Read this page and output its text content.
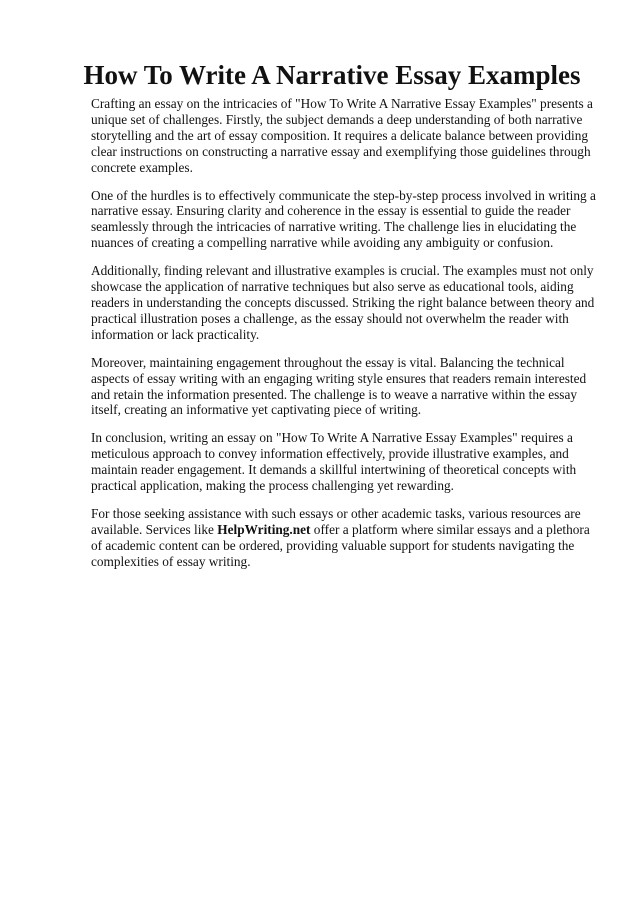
How To Write A Narrative Essay Examples

Crafting an essay on the intricacies of "How To Write A Narrative Essay Examples" presents a unique set of challenges. Firstly, the subject demands a deep understanding of both narrative storytelling and the art of essay composition. It requires a delicate balance between providing clear instructions on constructing a narrative essay and exemplifying those guidelines through concrete examples.

One of the hurdles is to effectively communicate the step-by-step process involved in writing a narrative essay. Ensuring clarity and coherence in the essay is essential to guide the reader seamlessly through the intricacies of narrative writing. The challenge lies in elucidating the nuances of creating a compelling narrative while avoiding any ambiguity or confusion.

Additionally, finding relevant and illustrative examples is crucial. The examples must not only showcase the application of narrative techniques but also serve as educational tools, aiding readers in understanding the concepts discussed. Striking the right balance between theory and practical illustration poses a challenge, as the essay should not overwhelm the reader with information or lack practicality.

Moreover, maintaining engagement throughout the essay is vital. Balancing the technical aspects of essay writing with an engaging writing style ensures that readers remain interested and retain the information presented. The challenge is to weave a narrative within the essay itself, creating an informative yet captivating piece of writing.

In conclusion, writing an essay on "How To Write A Narrative Essay Examples" requires a meticulous approach to convey information effectively, provide illustrative examples, and maintain reader engagement. It demands a skillful intertwining of theoretical concepts with practical application, making the process challenging yet rewarding.

For those seeking assistance with such essays or other academic tasks, various resources are available. Services like HelpWriting.net offer a platform where similar essays and a plethora of academic content can be ordered, providing valuable support for students navigating the complexities of essay writing.
